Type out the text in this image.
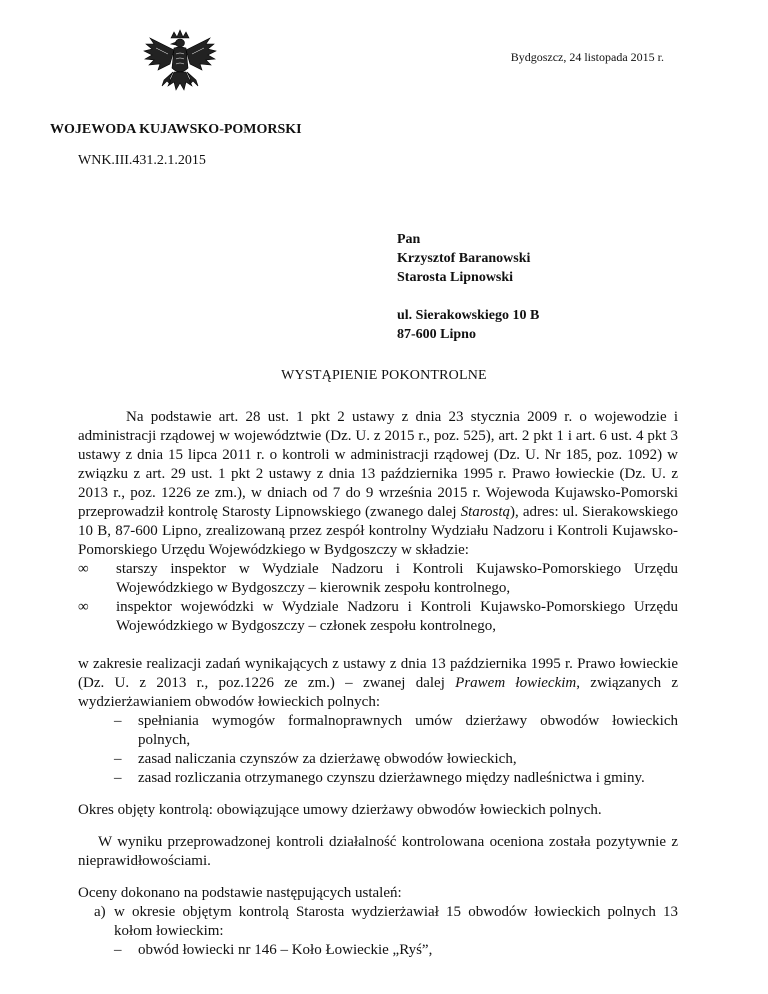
Bydgoszcz, 24 listopada 2015 r.
WOJEWODA KUJAWSKO-POMORSKI
WNK.III.431.2.1.2015
Pan
Krzysztof Baranowski
Starosta Lipnowski
ul. Sierakowskiego 10 B
87-600 Lipno
WYSTĄPIENIE POKONTROLNE

Na podstawie art. 28 ust. 1 pkt 2 ustawy z dnia 23 stycznia 2009 r. o wojewodzie i administracji rządowej w województwie (Dz. U. z 2015 r., poz. 525), art. 2 pkt 1 i art. 6 ust. 4 pkt 3 ustawy z dnia 15 lipca 2011 r. o kontroli w administracji rządowej (Dz. U. Nr 185, poz. 1092) w związku z art. 29 ust. 1 pkt 2 ustawy z dnia 13 października 1995 r. Prawo łowieckie (Dz. U. z 2013 r., poz. 1226 ze zm.), w dniach od 7 do 9 września 2015 r. Wojewoda Kujawsko-Pomorski przeprowadził kontrolę Starosty Lipnowskiego (zwanego dalej Starostą), adres: ul. Sierakowskiego 10 B, 87-600 Lipno, zrealizowaną przez zespół kontrolny Wydziału Nadzoru i Kontroli Kujawsko-Pomorskiego Urzędu Wojewódzkiego w Bydgoszczy w składzie:

∞	starszy inspektor w Wydziale Nadzoru i Kontroli Kujawsko-Pomorskiego Urzędu Wojewódzkiego w Bydgoszczy – kierownik zespołu kontrolnego,
∞	inspektor wojewódzki w Wydziale Nadzoru i Kontroli Kujawsko-Pomorskiego Urzędu Wojewódzkiego w Bydgoszczy – członek zespołu kontrolnego,

w zakresie realizacji zadań wynikających z ustawy z dnia 13 października 1995 r. Prawo łowieckie (Dz. U. z 2013 r., poz.1226 ze zm.) – zwanej dalej Prawem łowieckim, związanych z wydzierżawianiem obwodów łowieckich polnych:

– spełniania wymogów formalnoprawnych umów dzierżawy obwodów łowieckich polnych,
– zasad naliczania czynszów za dzierżawę obwodów łowieckich,
– zasad rozliczania otrzymanego czynszu dzierżawnego między nadleśnictwa i gminy.

Okres objęty kontrolą: obowiązujące umowy dzierżawy obwodów łowieckich polnych.

W wyniku przeprowadzonej kontroli działalność kontrolowana oceniona została pozytywnie z nieprawidłowościami.

Oceny dokonano na podstawie następujących ustaleń:

a) w okresie objętym kontrolą Starosta wydzierżawiał 15 obwodów łowieckich polnych 13 kołom łowieckim:
– obwód łowiecki nr 146 – Koło Łowieckie „Ryś”,
